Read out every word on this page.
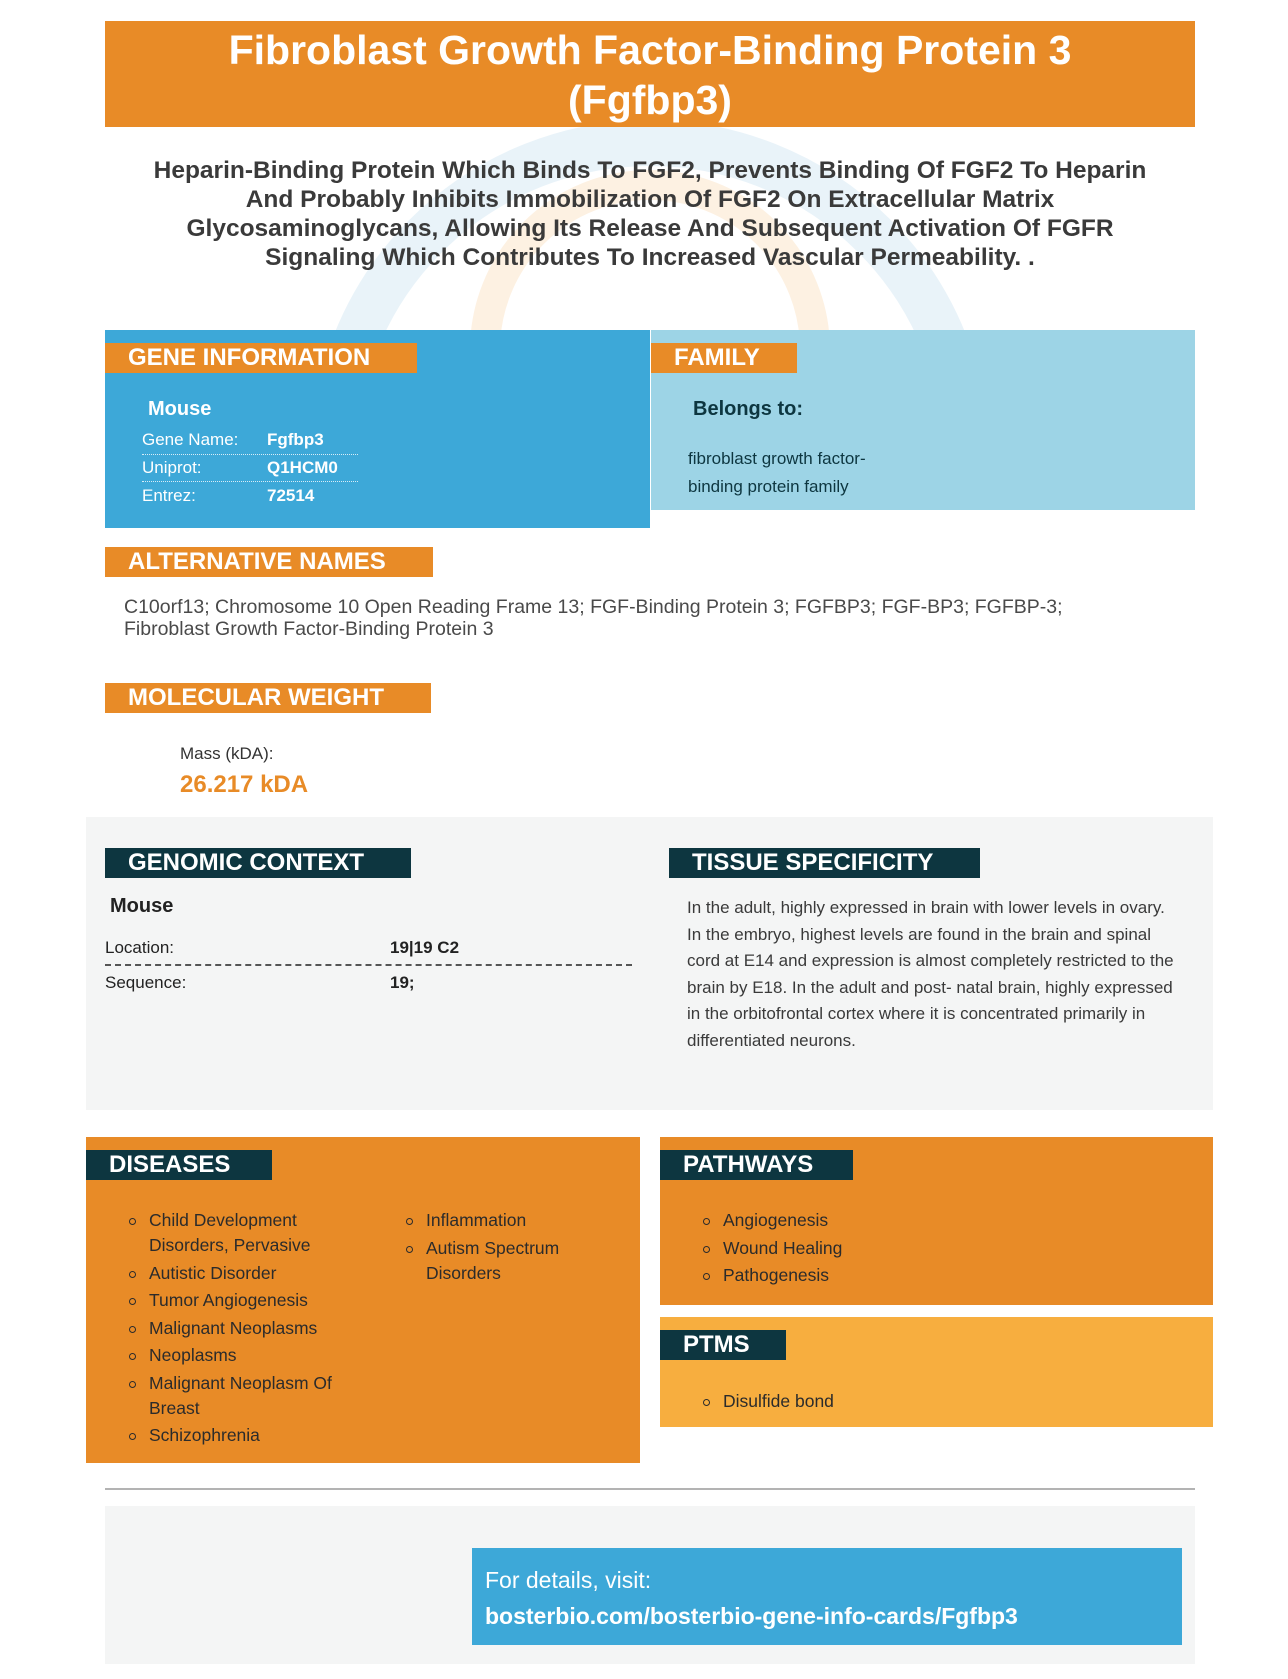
Fibroblast Growth Factor-Binding Protein 3
(Fgfbp3)
Heparin-Binding Protein Which Binds To FGF2, Prevents Binding Of FGF2 To Heparin And Probably Inhibits Immobilization Of FGF2 On Extracellular Matrix Glycosaminoglycans, Allowing Its Release And Subsequent Activation Of FGFR Signaling Which Contributes To Increased Vascular Permeability. .
GENE INFORMATION
Mouse
Gene Name:	Fgfbp3
Uniprot:	Q1HCM0
Entrez:	72514
FAMILY
Belongs to:
fibroblast growth factor-binding protein family
ALTERNATIVE NAMES
C10orf13; Chromosome 10 Open Reading Frame 13; FGF-Binding Protein 3; FGFBP3; FGF-BP3; FGFBP-3; Fibroblast Growth Factor-Binding Protein 3
MOLECULAR WEIGHT
Mass (kDA):
26.217 kDA
GENOMIC CONTEXT
Mouse
Location:	19|19 C2
Sequence:	19;
TISSUE SPECIFICITY
In the adult, highly expressed in brain with lower levels in ovary. In the embryo, highest levels are found in the brain and spinal cord at E14 and expression is almost completely restricted to the brain by E18. In the adult and post- natal brain, highly expressed in the orbitofrontal cortex where it is concentrated primarily in differentiated neurons.
DISEASES
Child Development Disorders, Pervasive
Autistic Disorder
Tumor Angiogenesis
Malignant Neoplasms
Neoplasms
Malignant Neoplasm Of Breast
Schizophrenia
Inflammation
Autism Spectrum Disorders
PATHWAYS
Angiogenesis
Wound Healing
Pathogenesis
PTMS
Disulfide bond
For details, visit:
bosterbio.com/bosterbio-gene-info-cards/Fgfbp3
